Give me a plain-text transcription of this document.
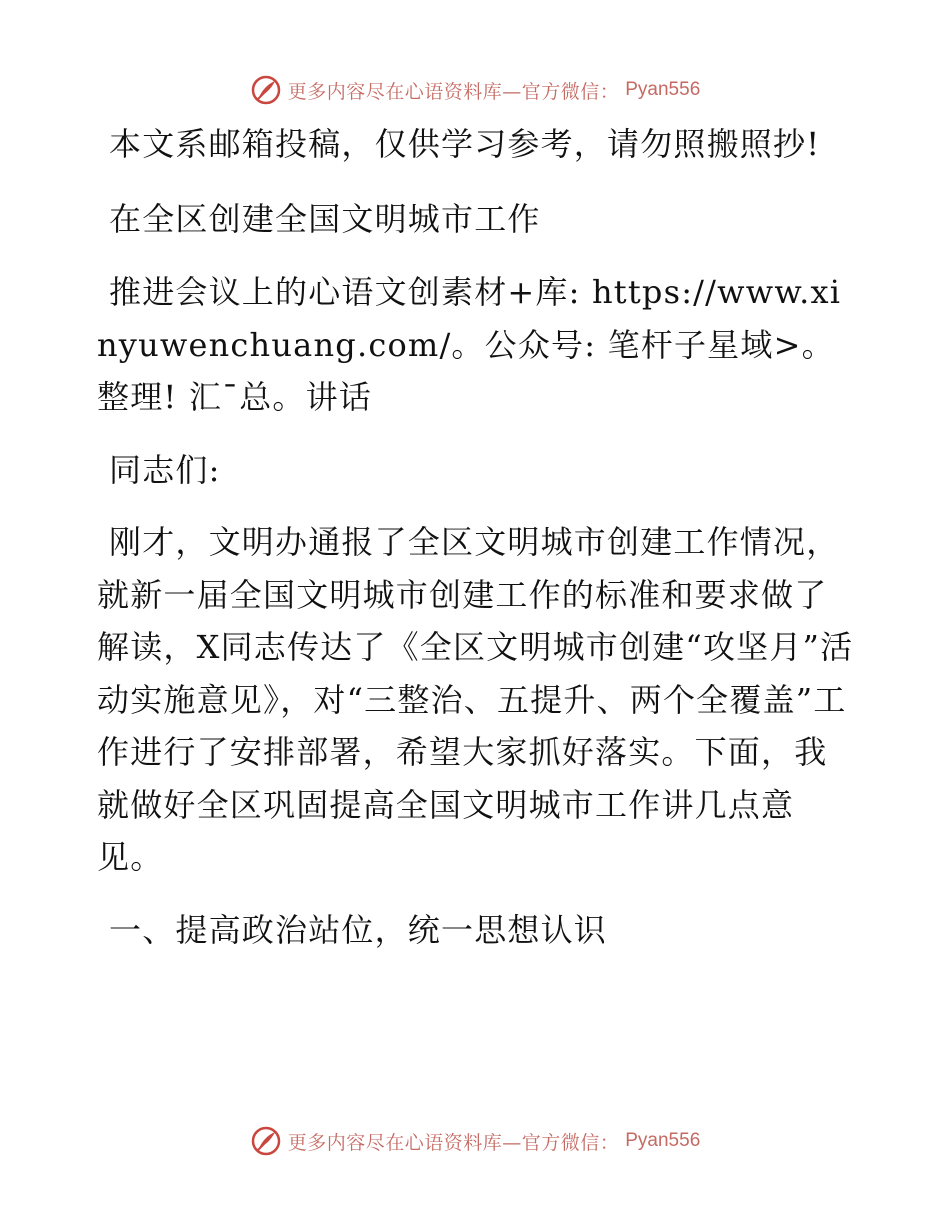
更多内容尽在心语资料库—官方微信： Pyan556

本文系邮箱投稿，仅供学习参考，请勿照搬照抄!

在全区创建全国文明城市工作

推进会议上的心语文创素材+库: https://www.xinyuwenchuang.com/。公众号: 笔杆子星域>。整理! 汇¯总。讲话

同志们:

刚才，文明办通报了全区文明城市创建工作情况，就新一届全国文明城市创建工作的标准和要求做了解读，X同志传达了《全区文明城市创建“攻坚月”活动实施意见》，对“三整治、五提升、两个全覆盖”工作进行了安排部署，希望大家抓好落实。下面，我就做好全区巩固提高全国文明城市工作讲几点意见。

一、提高政治站位，统一思想认识

更多内容尽在心语资料库—官方微信： Pyan556
